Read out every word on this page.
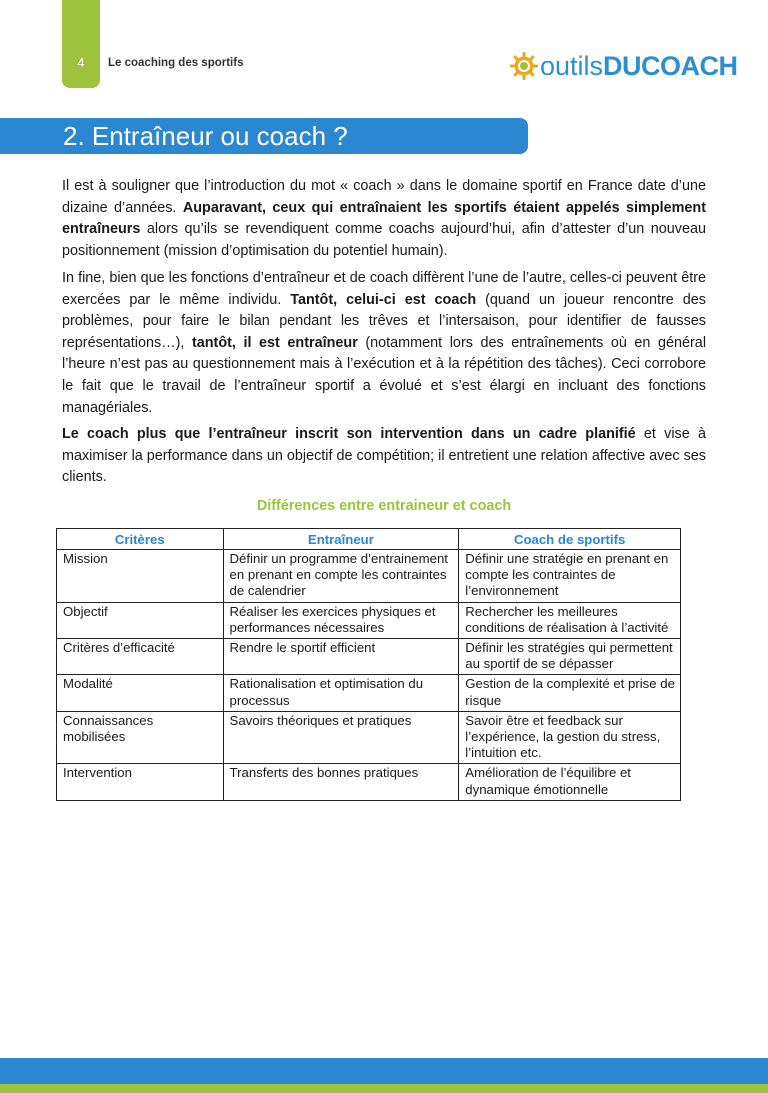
4	Le coaching des sportifs	outilsDUCOACH
2. Entraîneur ou coach ?

Il est à souligner que l’introduction du mot « coach » dans le domaine sportif en France date d’une dizaine d’années. Auparavant, ceux qui entraînaient les sportifs étaient appelés simplement entraîneurs alors qu’ils se revendiquent comme coachs aujourd’hui, afin d’attester d’un nouveau positionnement (mission d’optimisation du potentiel humain).

In fine, bien que les fonctions d’entraîneur et de coach diffèrent l’une de l’autre, celles-ci peuvent être exercées par le même individu. Tantôt, celui-ci est coach (quand un joueur rencontre des problèmes, pour faire le bilan pendant les trêves et l’intersaison, pour identifier de fausses représentations…), tantôt, il est entraîneur (notamment lors des entraînements où en général l’heure n’est pas au questionnement mais à l’exécution et à la répétition des tâches). Ceci corrobore le fait que le travail de l’entraîneur sportif a évolué et s’est élargi en incluant des fonctions managériales.

Le coach plus que l’entraîneur inscrit son intervention dans un cadre planifié et vise à maximiser la performance dans un objectif de compétition; il entretient une relation affective avec ses clients.

Différences entre entraineur et coach
Critères	Entraîneur	Coach de sportifs
Mission	Définir un programme d’entrainement en prenant en compte les contraintes de calendrier	Définir une stratégie en prenant en compte les contraintes de l’environnement
Objectif	Réaliser les exercices physiques et performances nécessaires	Rechercher les meilleures conditions de réalisation à l’activité
Critères d’efficacité	Rendre le sportif efficient	Définir les stratégies qui permettent au sportif de se dépasser
Modalité	Rationalisation et optimisation du processus	Gestion de la complexité et prise de risque
Connaissances mobilisées	Savoirs théoriques et pratiques	Savoir être et feedback sur l’expérience, la gestion du stress, l’intuition etc.
Intervention	Transferts des bonnes pratiques	Amélioration de l’équilibre et dynamique émotionnelle
